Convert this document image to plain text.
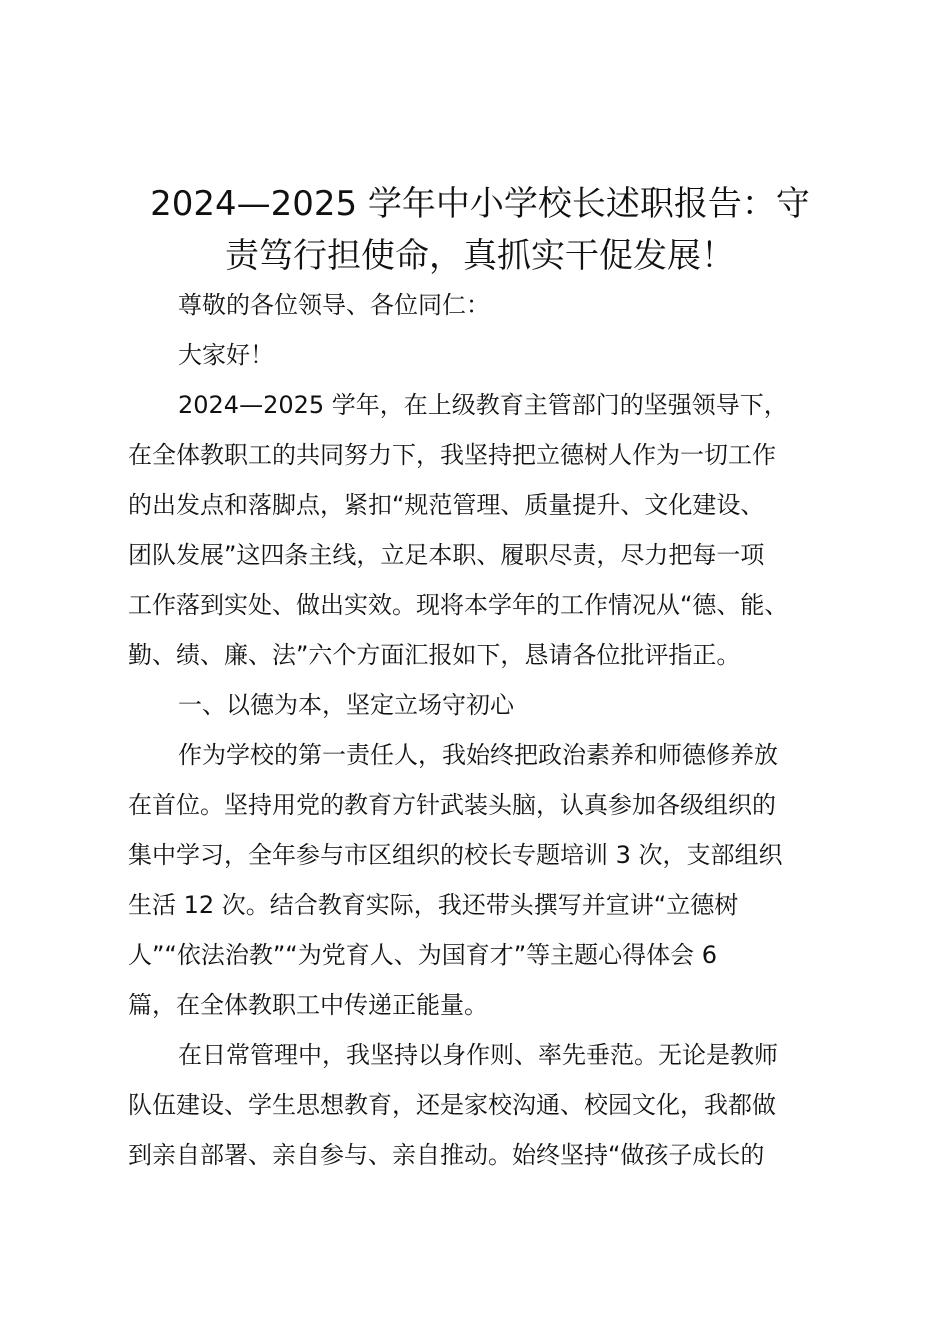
2024—2025 学年中小学校长述职报告：守
责笃行担使命，真抓实干促发展！

尊敬的各位领导、各位同仁：

大家好！

2024—2025 学年，在上级教育主管部门的坚强领导下，
在全体教职工的共同努力下，我坚持把立德树人作为一切工作
的出发点和落脚点，紧扣“规范管理、质量提升、文化建设、
团队发展”这四条主线，立足本职、履职尽责，尽力把每一项
工作落到实处、做出实效。现将本学年的工作情况从“德、能、
勤、绩、廉、法”六个方面汇报如下，恳请各位批评指正。

一、以德为本，坚定立场守初心

作为学校的第一责任人，我始终把政治素养和师德修养放
在首位。坚持用党的教育方针武装头脑，认真参加各级组织的
集中学习，全年参与市区组织的校长专题培训 3 次，支部组织
生活 12 次。结合教育实际，我还带头撰写并宣讲“立德树
人”“依法治教”“为党育人、为国育才”等主题心得体会 6
篇，在全体教职工中传递正能量。

在日常管理中，我坚持以身作则、率先垂范。无论是教师
队伍建设、学生思想教育，还是家校沟通、校园文化，我都做
到亲自部署、亲自参与、亲自推动。始终坚持“做孩子成长的
